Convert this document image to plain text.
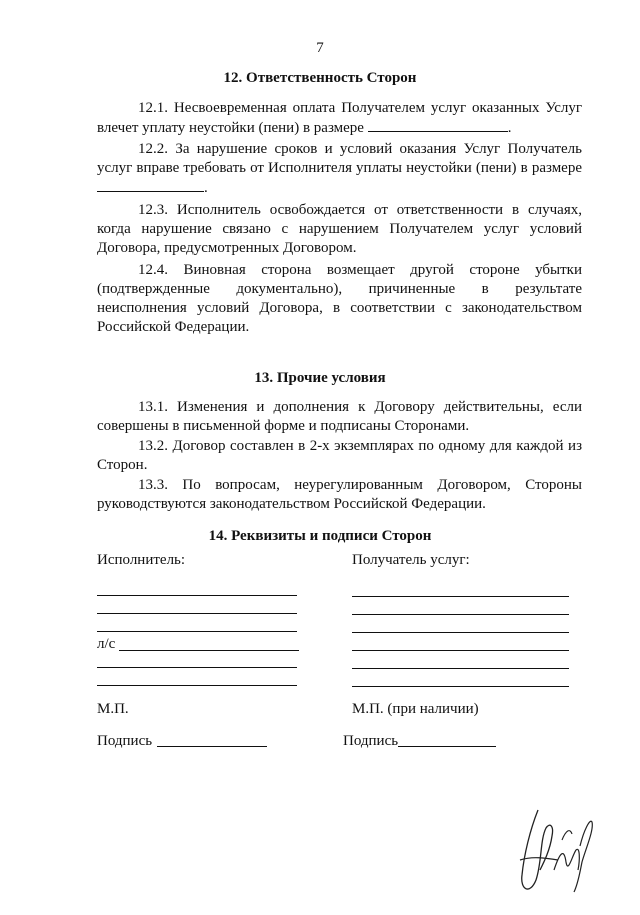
7
12. Ответственность Сторон
12.1. Несвоевременная оплата Получателем услуг оказанных Услуг влечет уплату неустойки (пени) в размере	.
12.2. За нарушение сроков и условий оказания Услуг Получатель услуг вправе требовать от Исполнителя уплаты неустойки (пени) в размере
.
12.3. Исполнитель освобождается от ответственности в случаях, когда нарушение связано с нарушением Получателем услуг условий Договора, предусмотренных Договором.
12.4. Виновная сторона возмещает другой стороне убытки (подтвержденные документально), причиненные в результате неисполнения условий Договора, в соответствии с законодательством Российской Федерации.
13. Прочие условия
13.1. Изменения и дополнения к Договору действительны, если совершены в письменной форме и подписаны Сторонами.
13.2. Договор составлен в 2-х экземплярах по одному для каждой из Сторон.
13.3. По вопросам, неурегулированным Договором, Стороны руководствуются законодательством Российской Федерации.
14. Реквизиты и подписи Сторон
Исполнитель:	Получатель услуг:
л/с
М.П.	М.П. (при наличии)
Подпись	Подпись
